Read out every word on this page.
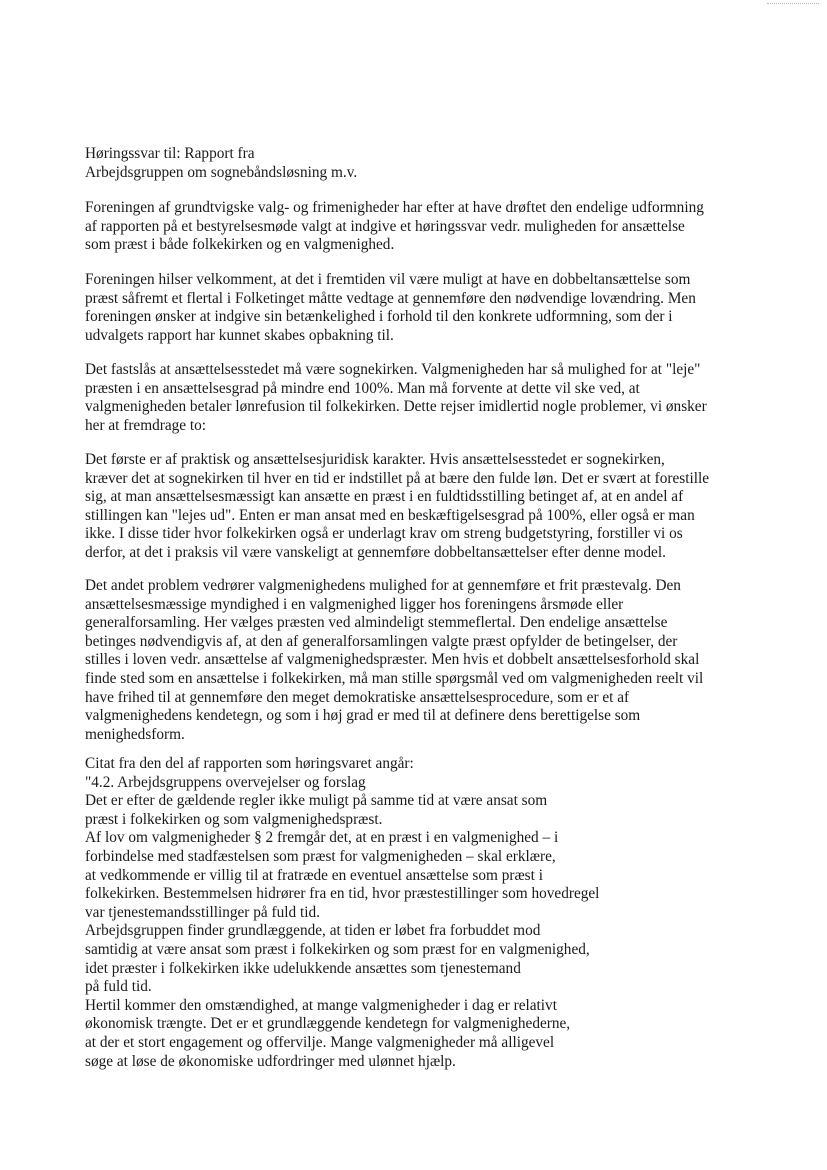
Høringssvar til: Rapport fra
Arbejdsgruppen om sognebåndsløsning m.v.
Foreningen af grundtvigske valg- og frimenigheder har efter at have drøftet den endelige udformning
af rapporten på et bestyrelsesmøde valgt at indgive et høringssvar vedr. muligheden for ansættelse
som præst i både folkekirken og en valgmenighed.
Foreningen hilser velkomment, at det i fremtiden vil være muligt at have en dobbeltansættelse som
præst såfremt et flertal i Folketinget måtte vedtage at gennemføre den nødvendige lovændring. Men
foreningen ønsker at indgive sin betænkelighed i forhold til den konkrete udformning, som der i
udvalgets rapport har kunnet skabes opbakning til.
Det fastslås at ansættelsesstedet må være sognekirken. Valgmenigheden har så mulighed for at "leje"
præsten i en ansættelsesgrad på mindre end 100%. Man må forvente at dette vil ske ved, at
valgmenigheden betaler lønrefusion til folkekirken. Dette rejser imidlertid nogle problemer, vi ønsker
her at fremdrage to:
Det første er af praktisk og ansættelsesjuridisk karakter. Hvis ansættelsesstedet er sognekirken,
kræver det at sognekirken til hver en tid er indstillet på at bære den fulde løn. Det er svært at forestille
sig, at man ansættelsesmæssigt kan ansætte en præst i en fuldtidsstilling betinget af, at en andel af
stillingen kan "lejes ud". Enten er man ansat med en beskæftigelsesgrad på 100%, eller også er man
ikke. I disse tider hvor folkekirken også er underlagt krav om streng budgetstyring, forstiller vi os
derfor, at det i praksis vil være vanskeligt at gennemføre dobbeltansættelser efter denne model.
Det andet problem vedrører valgmenighedens mulighed for at gennemføre et frit præstevalg. Den
ansættelsesmæssige myndighed i en valgmenighed ligger hos foreningens årsmøde eller
generalforsamling. Her vælges præsten ved almindeligt stemmeflertal. Den endelige ansættelse
betinges nødvendigvis af, at den af generalforsamlingen valgte præst opfylder de betingelser, der
stilles i loven vedr. ansættelse af valgmenighedspræster. Men hvis et dobbelt ansættelsesforhold skal
finde sted som en ansættelse i folkekirken, må man stille spørgsmål ved om valgmenigheden reelt vil
have frihed til at gennemføre den meget demokratiske ansættelsesprocedure, som er et af
valgmenighedens kendetegn, og som i høj grad er med til at definere dens berettigelse som
menighedsform.
Citat fra den del af rapporten som høringsvaret angår:
"4.2. Arbejdsgruppens overvejelser og forslag
Det er efter de gældende regler ikke muligt på samme tid at være ansat som
præst i folkekirken og som valgmenighedspræst.
Af lov om valgmenigheder § 2 fremgår det, at en præst i en valgmenighed – i
forbindelse med stadfæstelsen som præst for valgmenigheden – skal erklære,
at vedkommende er villig til at fratræde en eventuel ansættelse som præst i
folkekirken. Bestemmelsen hidrører fra en tid, hvor præstestillinger som hovedregel
var tjenestemandsstillinger på fuld tid.
Arbejdsgruppen finder grundlæggende, at tiden er løbet fra forbuddet mod
samtidig at være ansat som præst i folkekirken og som præst for en valgmenighed,
idet præster i folkekirken ikke udelukkende ansættes som tjenestemand
på fuld tid.
Hertil kommer den omstændighed, at mange valgmenigheder i dag er relativt
økonomisk trængte. Det er et grundlæggende kendetegn for valgmenighederne,
at der et stort engagement og offervilje. Mange valgmenigheder må alligevel
søge at løse de økonomiske udfordringer med ulønnet hjælp.
